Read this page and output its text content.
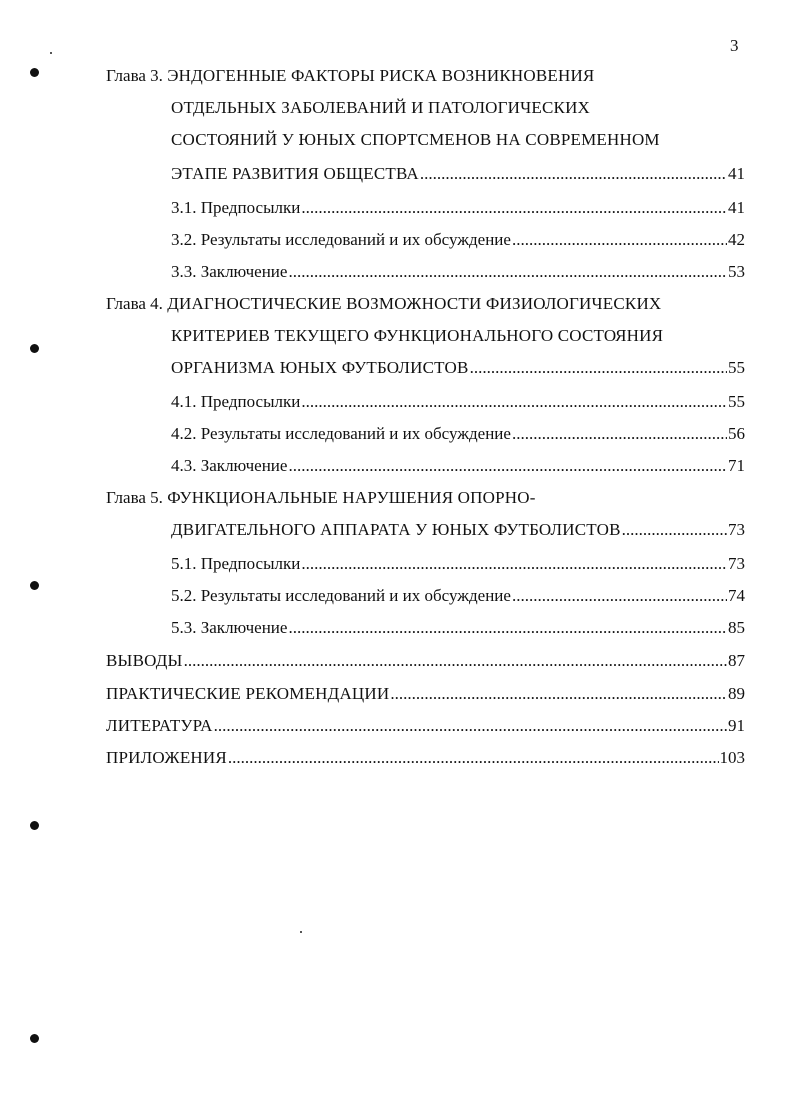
3
Глава 3.
ЭНДОГЕННЫЕ ФАКТОРЫ РИСКА ВОЗНИКНОВЕНИЯ
ОТДЕЛЬНЫХ ЗАБОЛЕВАНИЙ И ПАТОЛОГИЧЕСКИХ
СОСТОЯНИЙ У ЮНЫХ СПОРТСМЕНОВ НА СОВРЕМЕННОМ
ЭТАПЕ РАЗВИТИЯ ОБЩЕСТВА .....	41
3.1. Предпосылки .....	41
3.2. Результаты исследований и их обсуждение .....	42
3.3. Заключение .....	53
Глава 4.
ДИАГНОСТИЧЕСКИЕ ВОЗМОЖНОСТИ ФИЗИОЛОГИЧЕСКИХ
КРИТЕРИЕВ ТЕКУЩЕГО ФУНКЦИОНАЛЬНОГО СОСТОЯНИЯ
ОРГАНИЗМА ЮНЫХ ФУТБОЛИСТОВ .....	55
4.1. Предпосылки .....	55
4.2. Результаты исследований и их обсуждение .....	56
4.3. Заключение .....	71
Глава 5.
ФУНКЦИОНАЛЬНЫЕ НАРУШЕНИЯ ОПОРНО-
ДВИГАТЕЛЬНОГО АППАРАТА У ЮНЫХ ФУТБОЛИСТОВ .....	73
5.1. Предпосылки .....	73
5.2. Результаты исследований и их обсуждение .....	74
5.3. Заключение .....	85
ВЫВОДЫ .....	87
ПРАКТИЧЕСКИЕ РЕКОМЕНДАЦИИ .....	89
ЛИТЕРАТУРА .....	91
ПРИЛОЖЕНИЯ .....	103
